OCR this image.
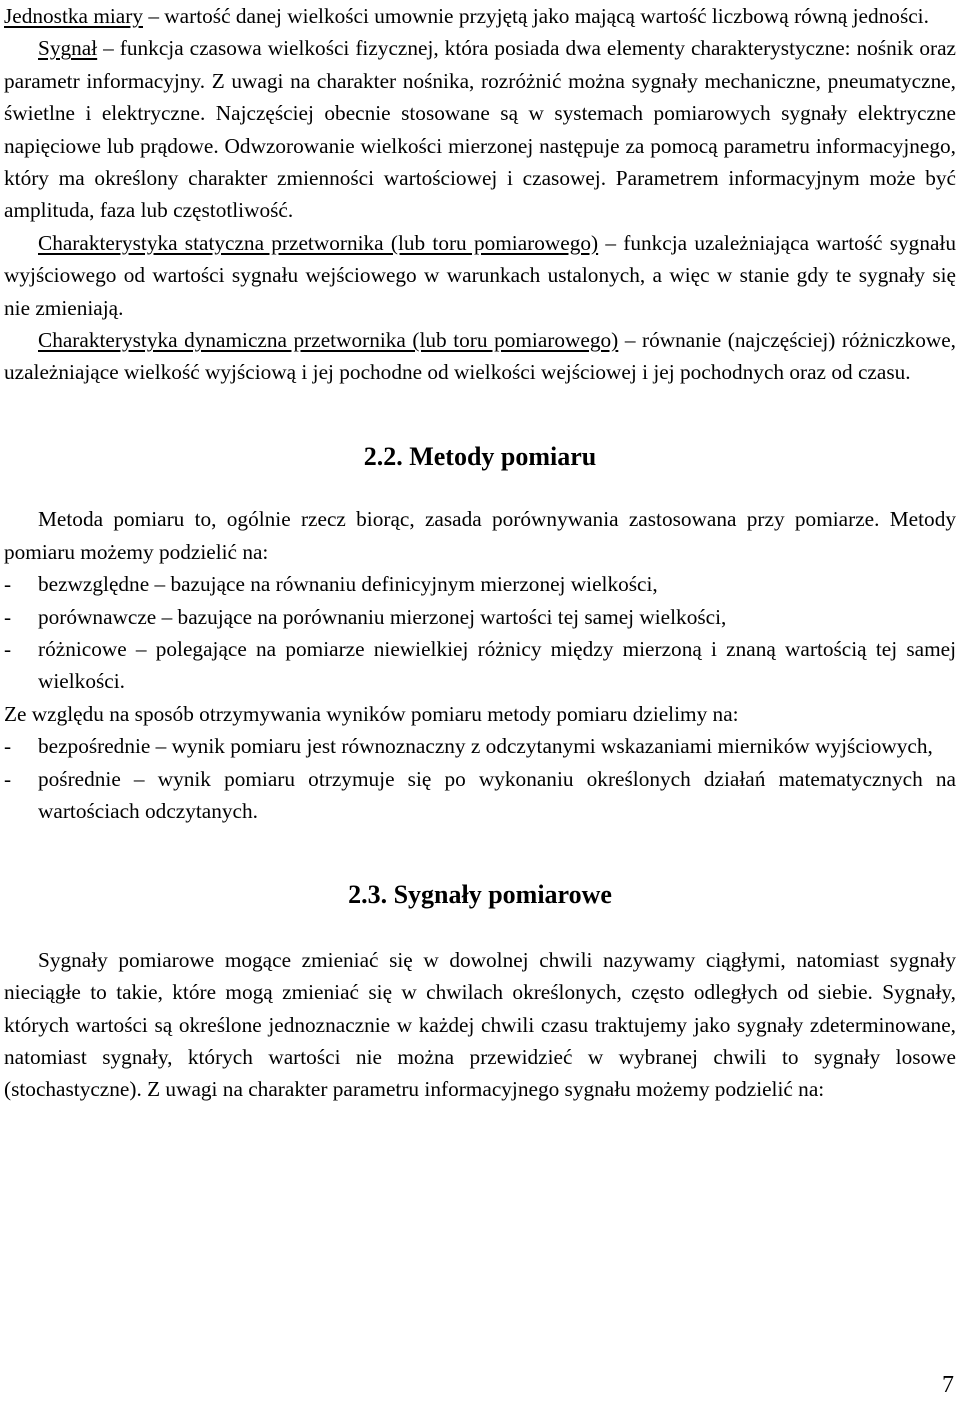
Jednostka miary – wartość danej wielkości umownie przyjętą jako mającą wartość liczbową równą jedności.

Sygnał – funkcja czasowa wielkości fizycznej, która posiada dwa elementy charakterystyczne: nośnik oraz parametr informacyjny. Z uwagi na charakter nośnika, rozróżnić można sygnały mechaniczne, pneumatyczne, świetlne i elektryczne. Najczęściej obecnie stosowane są w systemach pomiarowych sygnały elektryczne napięciowe lub prądowe. Odwzorowanie wielkości mierzonej następuje za pomocą parametru informacyjnego, który ma określony charakter zmienności wartościowej i czasowej. Parametrem informacyjnym może być amplituda, faza lub częstotliwość.

Charakterystyka statyczna przetwornika (lub toru pomiarowego) – funkcja uzależniająca wartość sygnału wyjściowego od wartości sygnału wejściowego w warunkach ustalonych, a więc w stanie gdy te sygnały się nie zmieniają.

Charakterystyka dynamiczna przetwornika (lub toru pomiarowego) – równanie (najczęściej) różniczkowe, uzależniające wielkość wyjściową i jej pochodne od wielkości wejściowej i jej pochodnych oraz od czasu.

2.2. Metody pomiaru

Metoda pomiaru to, ogólnie rzecz biorąc, zasada porównywania zastosowana przy pomiarze. Metody pomiaru możemy podzielić na:

- bezwzględne – bazujące na równaniu definicyjnym mierzonej wielkości,
- porównawcze – bazujące na porównaniu mierzonej wartości tej samej wielkości,
- różnicowe – polegające na pomiarze niewielkiej różnicy między mierzoną i znaną wartością tej samej wielkości.

Ze względu na sposób otrzymywania wyników pomiaru metody pomiaru dzielimy na:

- bezpośrednie – wynik pomiaru jest równoznaczny z odczytanymi wskazaniami mierników wyjściowych,
- pośrednie – wynik pomiaru otrzymuje się po wykonaniu określonych działań matematycznych na wartościach odczytanych.
2.3. Sygnały pomiarowe

Sygnały pomiarowe mogące zmieniać się w dowolnej chwili nazywamy ciągłymi, natomiast sygnały nieciągłe to takie, które mogą zmieniać się w chwilach określonych, często odległych od siebie. Sygnały, których wartości są określone jednoznacznie w każdej chwili czasu traktujemy jako sygnały zdeterminowane, natomiast sygnały, których wartości nie można przewidzieć w wybranej chwili to sygnały losowe (stochastyczne). Z uwagi na charakter parametru informacyjnego sygnału możemy podzielić na:

7
